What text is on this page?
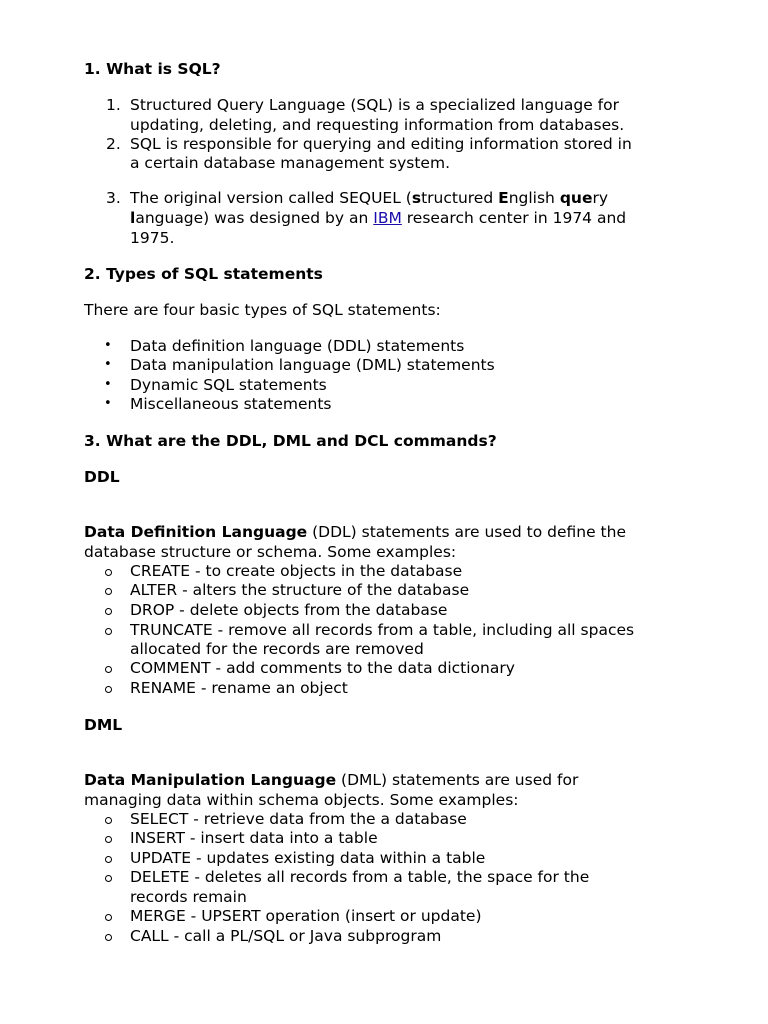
1. What is SQL?
1. Structured Query Language (SQL) is a specialized language for
updating, deleting, and requesting information from databases.
2. SQL is responsible for querying and editing information stored in
a certain database management system.
3. The original version called SEQUEL (structured English query
language) was designed by an IBM research center in 1974 and
1975.
2. Types of SQL statements
There are four basic types of SQL statements:
• Data definition language (DDL) statements
• Data manipulation language (DML) statements
• Dynamic SQL statements
• Miscellaneous statements
3. What are the DDL, DML and DCL commands?
DDL
Data Definition Language (DDL) statements are used to define the
database structure or schema. Some examples:
CREATE - to create objects in the database
ALTER - alters the structure of the database
DROP - delete objects from the database
TRUNCATE - remove all records from a table, including all spaces
allocated for the records are removed
COMMENT - add comments to the data dictionary
RENAME - rename an object
DML
Data Manipulation Language (DML) statements are used for
managing data within schema objects. Some examples:
SELECT - retrieve data from the a database
INSERT - insert data into a table
UPDATE - updates existing data within a table
DELETE - deletes all records from a table, the space for the
records remain
MERGE - UPSERT operation (insert or update)
CALL - call a PL/SQL or Java subprogram
